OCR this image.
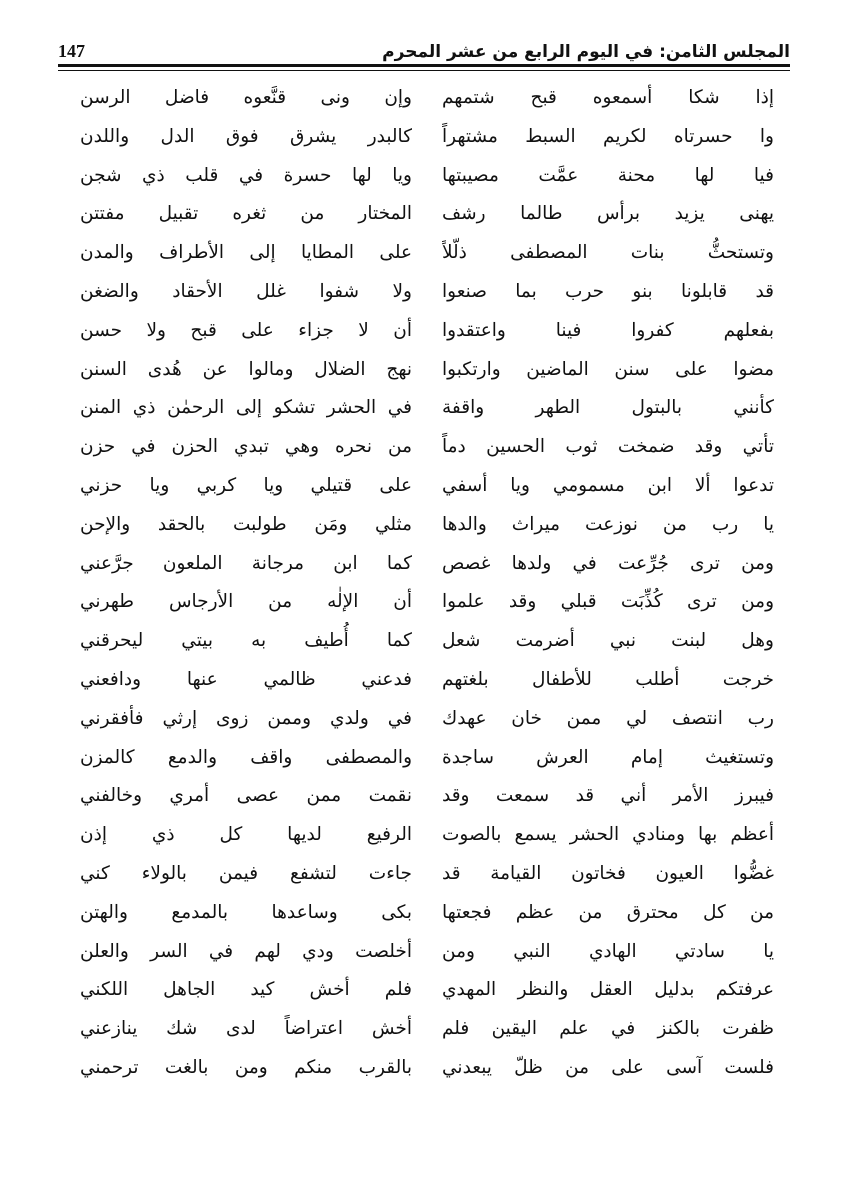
147	المجلس الثامن: في اليوم الرابع من عشر المحرم
إذا شكا أسمعوه قبح شتمهم
وا حسرتاه لكريم السبط مشتهراً
فيا لها محنة عمَّت مصيبتها
يهنى يزيد برأس طالما رشف
وتستحثُّ بنات المصطفى ذلّلاً
قد قابلونا بنو حرب بما صنعوا
بفعلهم كفروا فينا واعتقدوا
مضوا على سنن الماضين وارتكبوا
كأنني بالبتول الطهر واقفة
تأتي وقد ضمخت ثوب الحسين دماً
تدعوا ألا ابن مسمومي ويا أسفي
يا رب من نوزعت ميراث والدها
ومن ترى جُرِّعت في ولدها غصص
ومن ترى كُذِّبَت قبلي وقد علموا
وهل لبنت نبي أضرمت شعل
خرجت أطلب للأطفال بلغتهم
رب انتصف لي ممن خان عهدك
وتستغيث إمام العرش ساجدة
فيبرز الأمر أني قد سمعت وقد
أعظم بها ومنادي الحشر يسمع بالصوت
غضُّوا العيون فخاتون القيامة قد
من كل محترق من عظم فجعتها
يا سادتي الهادي النبي ومن
عرفتكم بدليل العقل والنظر المهدي
ظفرت بالكنز في علم اليقين فلم
فلست آسى على من ظلّ يبعدني
وإن ونى قنَّعوه فاضل الرسن
كالبدر يشرق فوق الدل واللدن
ويا لها حسرة في قلب ذي شجن
المختار من ثغره تقبيل مفتتن
على المطايا إلى الأطراف والمدن
ولا شفوا غلل الأحقاد والضغن
أن لا جزاء على قبح ولا حسن
نهج الضلال ومالوا عن هُدى السنن
في الحشر تشكو إلى الرحمٰن ذي المنن
من نحره وهي تبدي الحزن في حزن
على قتيلي ويا كربي ويا حزني
مثلي ومَن طولبت بالحقد والإحن
كما ابن مرجانة الملعون جرَّعني
أن الإلٰه من الأرجاس طهرني
كما أُطيف به بيتي ليحرقني
فدعني ظالمي عنها ودافعني
في ولدي وممن زوى إرثي فأفقرني
والمصطفى واقف والدمع كالمزن
نقمت ممن عصى أمري وخالفني
الرفيع لديها كل ذي إذن
جاءت لتشفع فيمن بالولاء كني
بكى وساعدها بالمدمع والهتن
أخلصت ودي لهم في السر والعلن
فلم أخش كيد الجاهل اللكني
أخش اعتراضاً لدى شك ينازعني
بالقرب منكم ومن بالغت ترحمني
